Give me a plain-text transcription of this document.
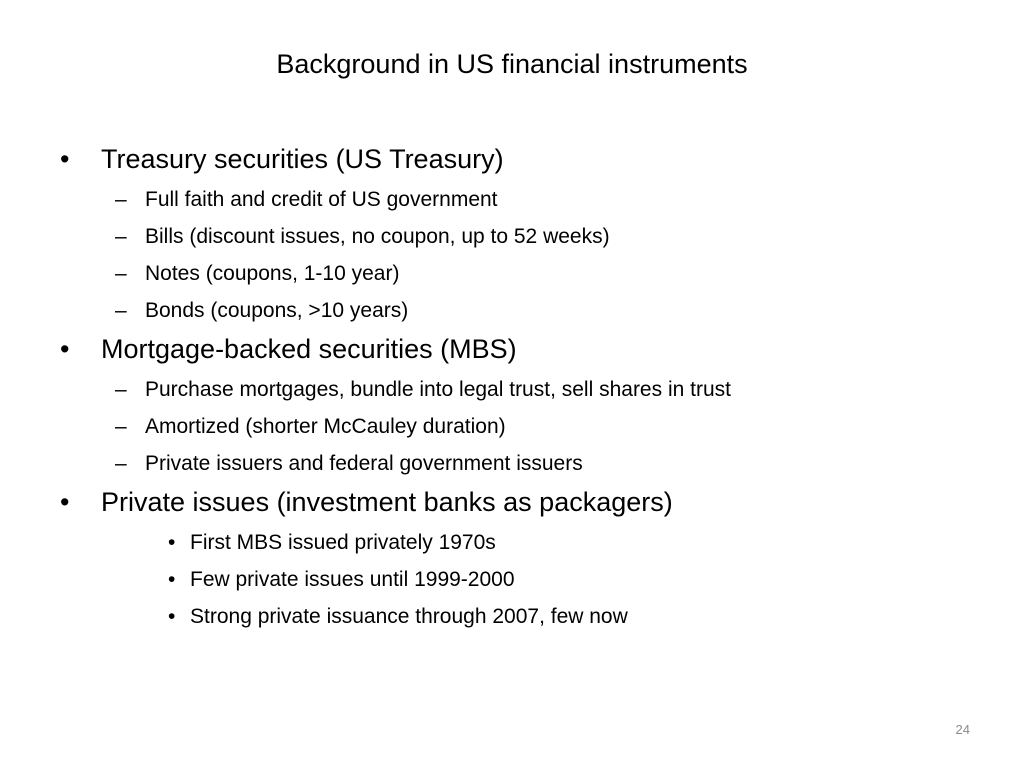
Background in US financial instruments
• Treasury securities (US Treasury)
– Full faith and credit of US government
– Bills (discount issues, no coupon, up to 52 weeks)
– Notes (coupons, 1-10 year)
– Bonds (coupons, >10 years)
• Mortgage-backed securities (MBS)
– Purchase mortgages, bundle into legal trust, sell shares in trust
– Amortized (shorter McCauley duration)
– Private issuers and federal government issuers
• Private issues (investment banks as packagers)
• First MBS issued privately 1970s
• Few private issues until 1999-2000
• Strong private issuance through 2007, few now
24
